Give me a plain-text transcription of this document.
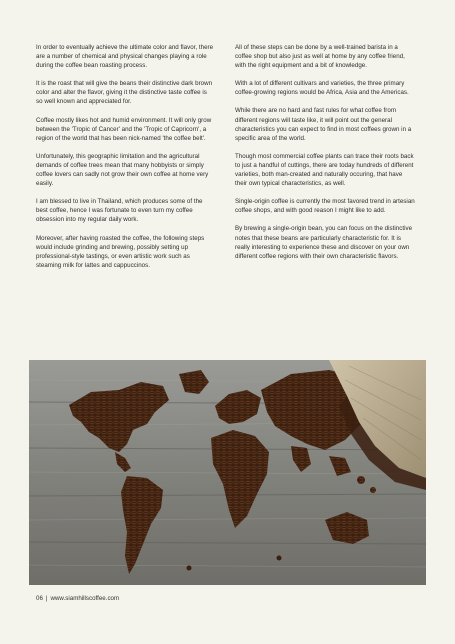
In order to eventually achieve the ultimate color and flavor, there are a number of chemical and physical changes playing a role during the coffee bean roasting process.

It is the roast that will give the beans their distinctive dark brown color and alter the flavor, giving it the distinctive taste coffee is so well known and appreciated for.

Coffee mostly likes hot and humid environment. It will only grow between the 'Tropic of Cancer' and the 'Tropic of Capricorn', a region of the world that has been nick-named 'the coffee belt'.

Unfortunately, this geographic limitation and the agricultural demands of coffee trees mean that many hobbyists or simply coffee lovers can sadly not grow their own coffee at home very easily.

I am blessed to live in Thailand, which produces some of the best coffee, hence I was fortunate to even turn my coffee obsession into my regular daily work.

Moreover, after having roasted the coffee, the following steps would include grinding and brewing, possibly setting up professional-style tastings, or even artistic work such as steaming milk for lattes and cappuccinos.

All of these steps can be done by a well-trained barista in a coffee shop but also just as well at home by any coffee friend, with the right equipment and a bit of knowledge.

With a lot of different cultivars and varieties, the three primary coffee-growing regions would be Africa, Asia and the Americas.

While there are no hard and fast rules for what coffee from different regions will taste like, it will point out the general characteristics you can expect to find in most coffees grown in a specific area of the world.

Though most commercial coffee plants can trace their roots back to just a handful of cuttings, there are today hundreds of different varieties, both man-created and naturally occuring, that have their own typical characteristics, as well.

Single-origin coffee is currently the most favored trend in artesian coffee shops, and with good reason I might like to add.

By brewing a single-origin bean, you can focus on the distinctive notes that these beans are particularly characteristic for. It is really interesting to experience these and discover on your own different coffee regions with their own characteristic flavors.

06 | www.siamhillscoffee.com
